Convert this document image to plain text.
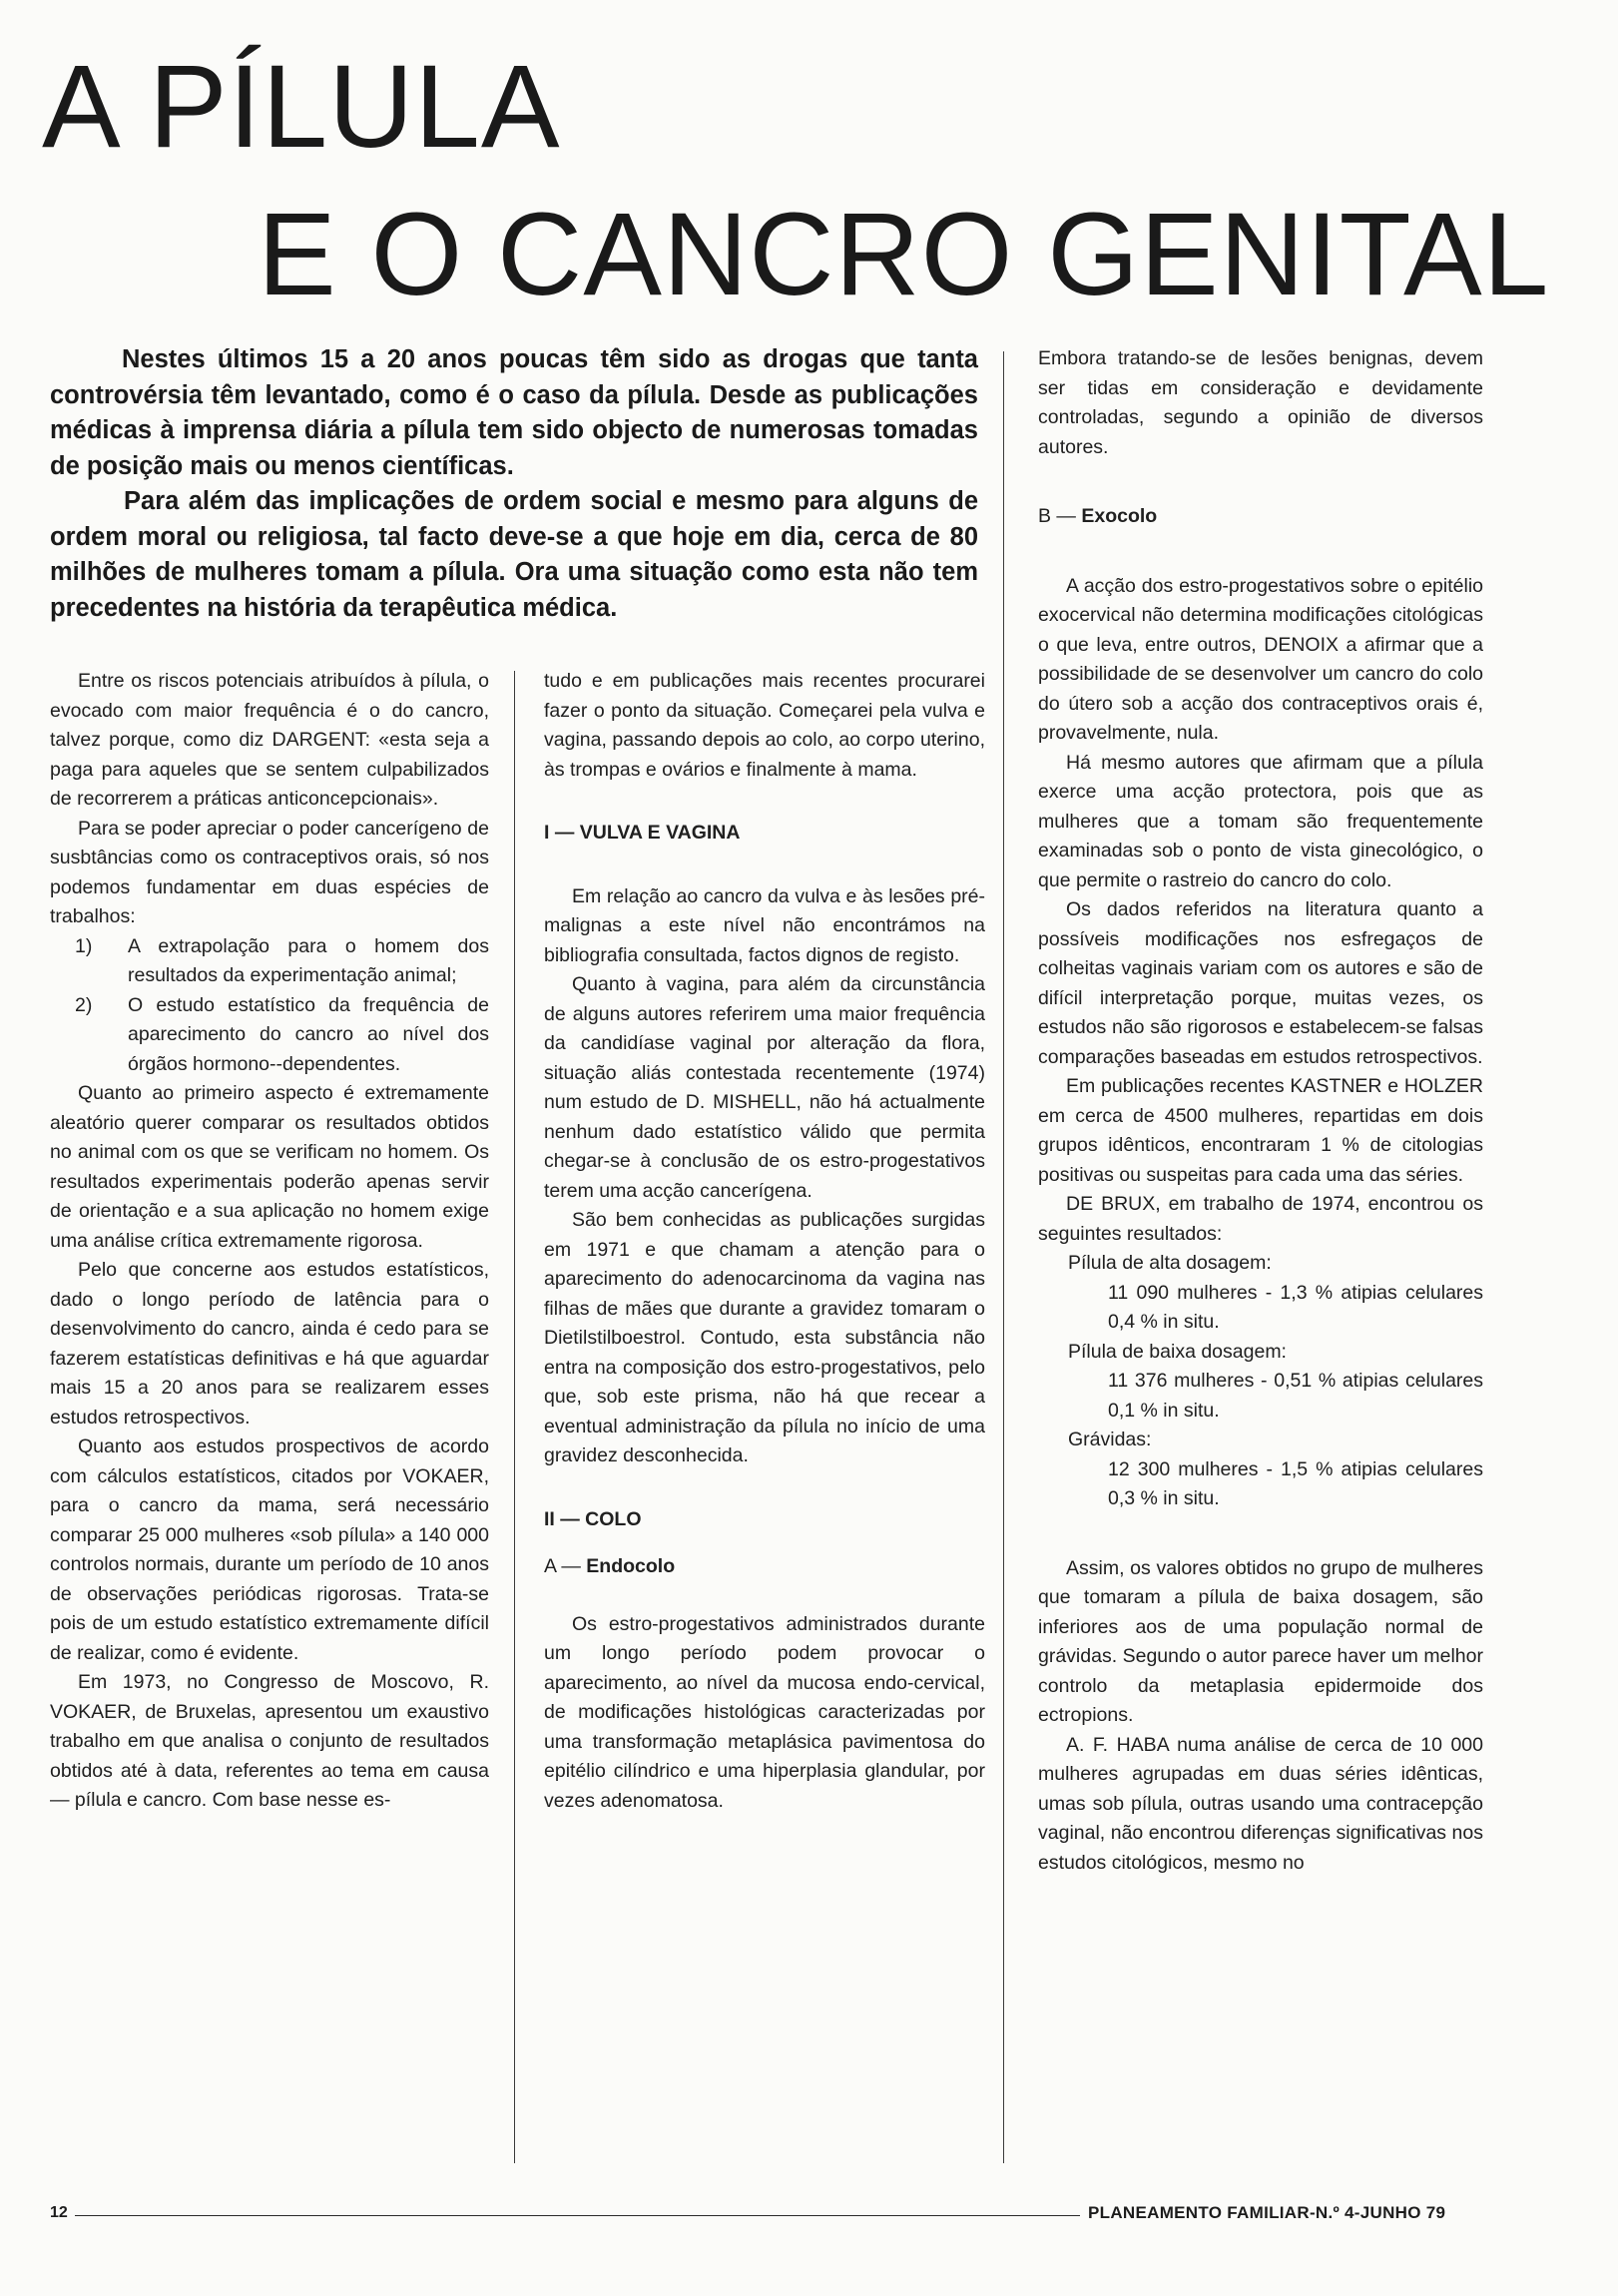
A PÍLULA
E O CANCRO GENITAL

Nestes últimos 15 a 20 anos poucas têm sido as drogas que tanta controvérsia têm levantado, como é o caso da pílula. Desde as publicações médicas à imprensa diária a pílula tem sido objecto de numerosas tomadas de posição mais ou menos científicas.

Para além das implicações de ordem social e mesmo para alguns de ordem moral ou religiosa, tal facto deve-se a que hoje em dia, cerca de 80 milhões de mulheres tomam a pílula. Ora uma situação como esta não tem precedentes na história da terapêutica médica.

Entre os riscos potenciais atribuídos à pílula, o evocado com maior frequência é o do cancro, talvez porque, como diz DARGENT: «esta seja a paga para aqueles que se sentem culpabilizados de recorrerem a práticas anticoncepcionais».

Para se poder apreciar o poder cancerígeno de susbtâncias como os contraceptivos orais, só nos podemos fundamentar em duas espécies de trabalhos:

1) A extrapolação para o homem dos resultados da experimentação animal;
2) O estudo estatístico da frequência de aparecimento do cancro ao nível dos órgãos hormono--dependentes.

Quanto ao primeiro aspecto é extremamente aleatório querer comparar os resultados obtidos no animal com os que se verificam no homem. Os resultados experimentais poderão apenas servir de orientação e a sua aplicação no homem exige uma análise crítica extremamente rigorosa.

Pelo que concerne aos estudos estatísticos, dado o longo período de latência para o desenvolvimento do cancro, ainda é cedo para se fazerem estatísticas definitivas e há que aguardar mais 15 a 20 anos para se realizarem esses estudos retrospectivos.

Quanto aos estudos prospectivos de acordo com cálculos estatísticos, citados por VOKAER, para o cancro da mama, será necessário comparar 25 000 mulheres «sob pílula» a 140 000 controlos normais, durante um período de 10 anos de observações periódicas rigorosas. Trata-se pois de um estudo estatístico extremamente difícil de realizar, como é evidente.

Em 1973, no Congresso de Moscovo, R. VOKAER, de Bruxelas, apresentou um exaustivo trabalho em que analisa o conjunto de resultados obtidos até à data, referentes ao tema em causa — pílula e cancro. Com base nesse es-

tudo e em publicações mais recentes procurarei fazer o ponto da situação. Começarei pela vulva e vagina, passando depois ao colo, ao corpo uterino, às trompas e ovários e finalmente à mama.

I — VULVA E VAGINA

Em relação ao cancro da vulva e às lesões pré-malignas a este nível não encontrámos na bibliografia consultada, factos dignos de registo.

Quanto à vagina, para além da circunstância de alguns autores referirem uma maior frequência da candidíase vaginal por alteração da flora, situação aliás contestada recentemente (1974) num estudo de D. MISHELL, não há actualmente nenhum dado estatístico válido que permita chegar-se à conclusão de os estro-progestativos terem uma acção cancerígena.

São bem conhecidas as publicações surgidas em 1971 e que chamam a atenção para o aparecimento do adenocarcinoma da vagina nas filhas de mães que durante a gravidez tomaram o Dietilstilboestrol. Contudo, esta substância não entra na composição dos estro-progestativos, pelo que, sob este prisma, não há que recear a eventual administração da pílula no início de uma gravidez desconhecida.

II — COLO

A — Endocolo

Os estro-progestativos administrados durante um longo período podem provocar o aparecimento, ao nível da mucosa endo-cervical, de modificações histológicas caracterizadas por uma transformação metaplásica pavimentosa do epitélio cilíndrico e uma hiperplasia glandular, por vezes adenomatosa.

Embora tratando-se de lesões benignas, devem ser tidas em consideração e devidamente controladas, segundo a opinião de diversos autores.

B — Exocolo

A acção dos estro-progestativos sobre o epitélio exocervical não determina modificações citológicas o que leva, entre outros, DENOIX a afirmar que a possibilidade de se desenvolver um cancro do colo do útero sob a acção dos contraceptivos orais é, provavelmente, nula.

Há mesmo autores que afirmam que a pílula exerce uma acção protectora, pois que as mulheres que a tomam são frequentemente examinadas sob o ponto de vista ginecológico, o que permite o rastreio do cancro do colo.

Os dados referidos na literatura quanto a possíveis modificações nos esfregaços de colheitas vaginais variam com os autores e são de difícil interpretação porque, muitas vezes, os estudos não são rigorosos e estabelecem-se falsas comparações baseadas em estudos retrospectivos.

Em publicações recentes KASTNER e HOLZER em cerca de 4500 mulheres, repartidas em dois grupos idênticos, encontraram 1 % de citologias positivas ou suspeitas para cada uma das séries.

DE BRUX, em trabalho de 1974, encontrou os seguintes resultados:

Pílula de alta dosagem:

11 090 mulheres - 1,3 % atipias celulares 0,4 % in situ.

Pílula de baixa dosagem:

11 376 mulheres - 0,51 % atipias celulares 0,1 % in situ.

Grávidas:

12 300 mulheres - 1,5 % atipias celulares 0,3 % in situ.

Assim, os valores obtidos no grupo de mulheres que tomaram a pílula de baixa dosagem, são inferiores aos de uma população normal de grávidas. Segundo o autor parece haver um melhor controlo da metaplasia epidermoide dos ectropions.

A. F. HABA numa análise de cerca de 10 000 mulheres agrupadas em duas séries idênticas, umas sob pílula, outras usando uma contracepção vaginal, não encontrou diferenças significativas nos estudos citológicos, mesmo no

12	PLANEAMENTO FAMILIAR-N.º 4-JUNHO 79
